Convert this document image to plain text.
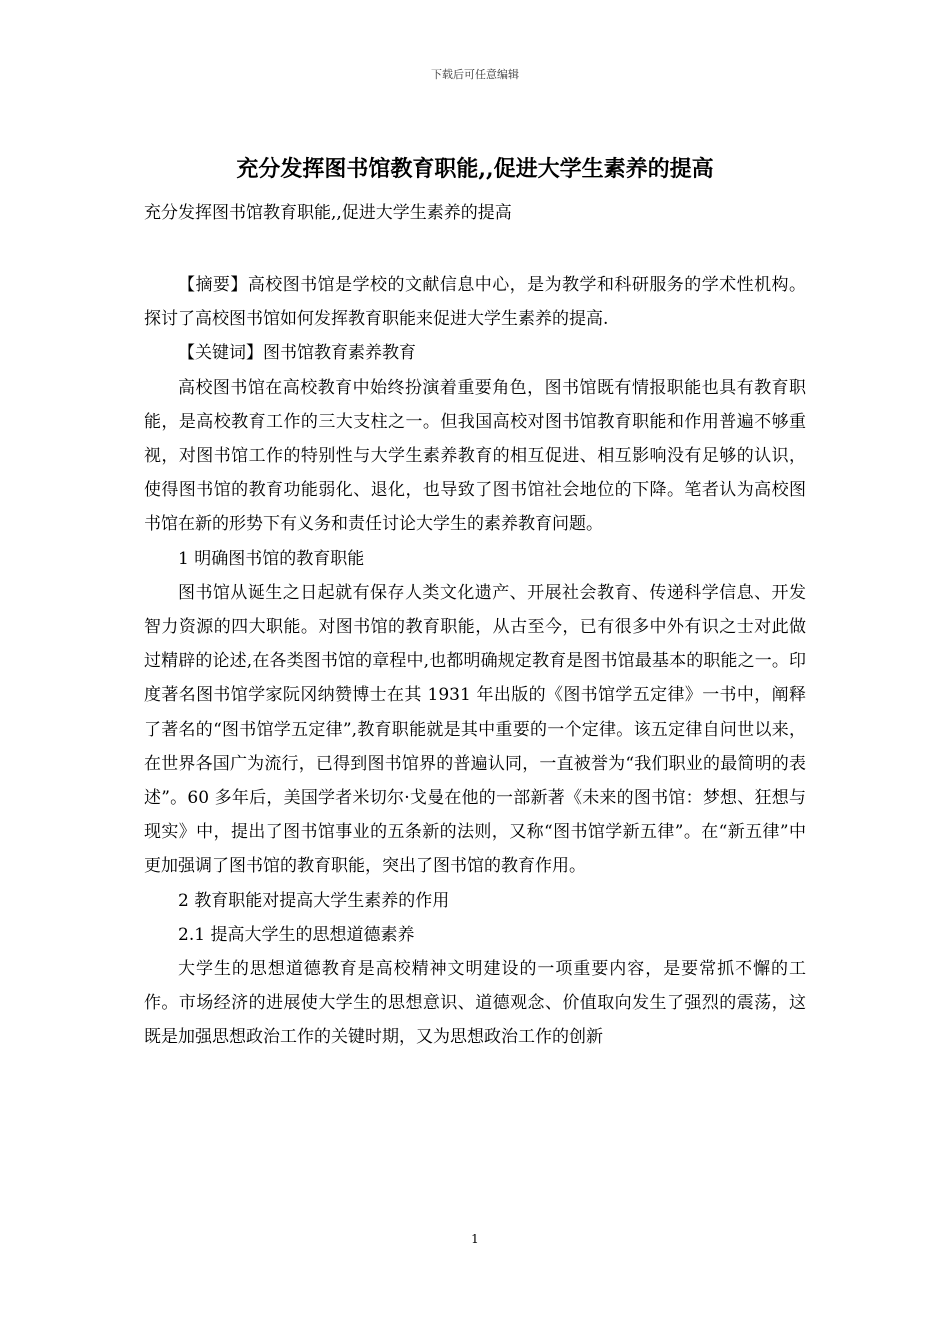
下载后可任意编辑
充分发挥图书馆教育职能,,促进大学生素养的提高
充分发挥图书馆教育职能,,促进大学生素养的提高

【摘要】高校图书馆是学校的文献信息中心，是为教学和科研服务的学术性机构。探讨了高校图书馆如何发挥教育职能来促进大学生素养的提高.

【关键词】图书馆教育素养教育

高校图书馆在高校教育中始终扮演着重要角色，图书馆既有情报职能也具有教育职能，是高校教育工作的三大支柱之一。但我国高校对图书馆教育职能和作用普遍不够重视，对图书馆工作的特别性与大学生素养教育的相互促进、相互影响没有足够的认识，使得图书馆的教育功能弱化、退化，也导致了图书馆社会地位的下降。笔者认为高校图书馆在新的形势下有义务和责任讨论大学生的素养教育问题。

1 明确图书馆的教育职能

图书馆从诞生之日起就有保存人类文化遗产、开展社会教育、传递科学信息、开发智力资源的四大职能。对图书馆的教育职能，从古至今，已有很多中外有识之士对此做过精辟的论述,在各类图书馆的章程中,也都明确规定教育是图书馆最基本的职能之一。印度著名图书馆学家阮冈纳赞博士在其 1931 年出版的《图书馆学五定律》一书中，阐释了著名的“图书馆学五定律”,教育职能就是其中重要的一个定律。该五定律自问世以来，在世界各国广为流行，已得到图书馆界的普遍认同，一直被誉为“我们职业的最简明的表述”。60 多年后，美国学者米切尔·戈曼在他的一部新著《未来的图书馆：梦想、狂想与现实》中，提出了图书馆事业的五条新的法则，又称“图书馆学新五律”。在“新五律”中更加强调了图书馆的教育职能，突出了图书馆的教育作用。

2 教育职能对提高大学生素养的作用

2.1 提高大学生的思想道德素养

大学生的思想道德教育是高校精神文明建设的一项重要内容，是要常抓不懈的工作。市场经济的进展使大学生的思想意识、道德观念、价值取向发生了强烈的震荡，这既是加强思想政治工作的关键时期，又为思想政治工作的创新

1
